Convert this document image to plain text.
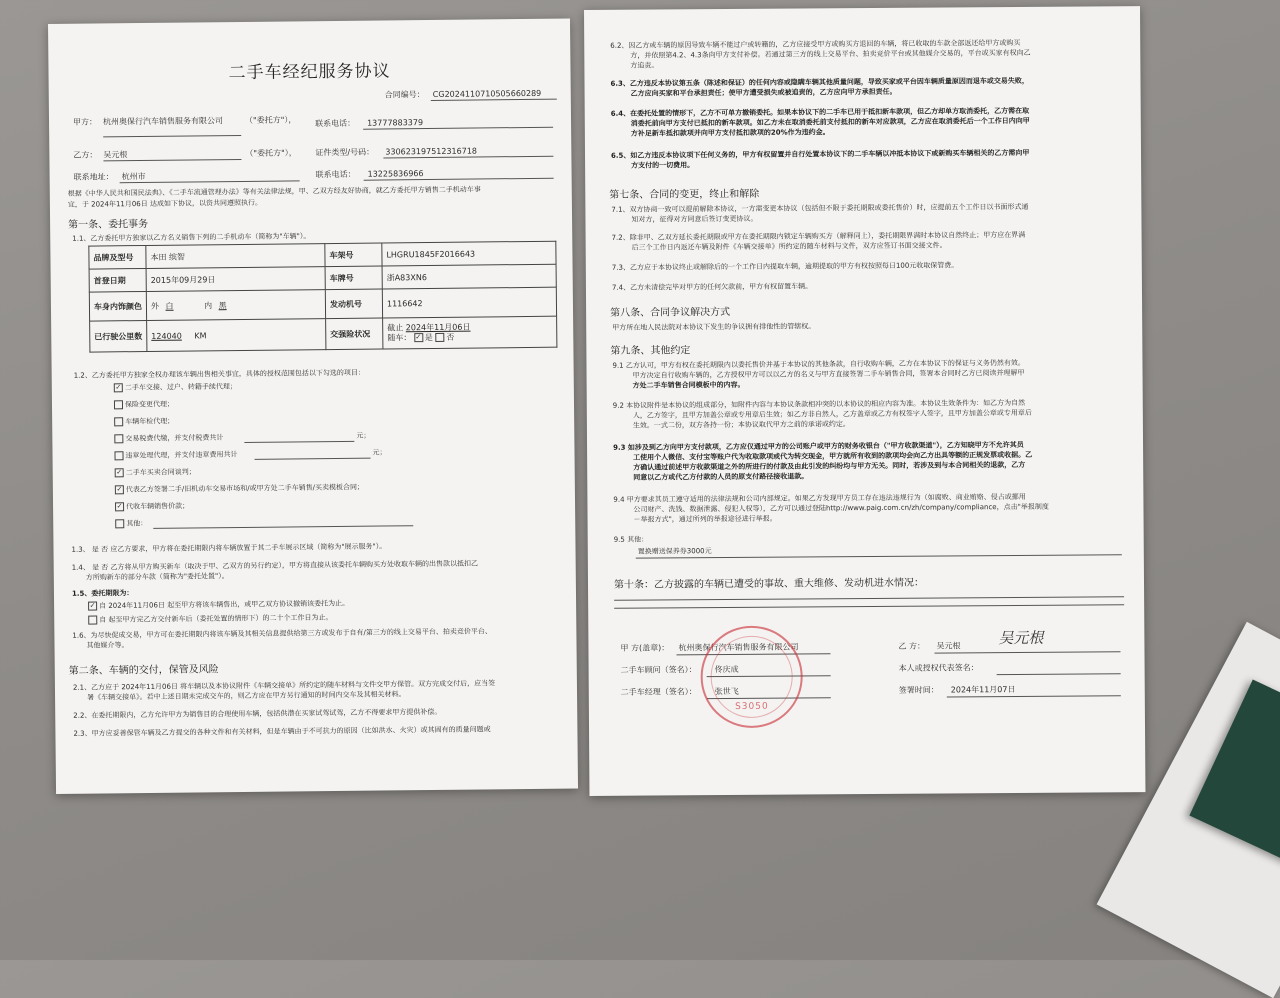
二手车经纪服务协议
合同编号： CG20241107105056602​89
甲方： 杭州奥保行汽车销售服务有限公司	（"委托方"）， 联系电话： 13777883379
乙方： 吴元根	（"委托方"）， 证件类型/号码： 330623197512316718
联系地址： 杭州市	联系电话： 13225836966
根据《中华人民共和国民法典》、《二手车流通管理办法》等有关法律法规，甲、乙双方经友好协商，就乙方委托甲方销售二手机动车事
宜，于 2024年11月06日 达成如下协议，以资共同遵照执行。
第一条、委托事务
1.1、乙方委托甲方独家以乙方名义销售下列的二手机动车（简称为"车辆"）。
品牌及型号	本田 缤智	车架号	LHGRU1845F2016643
首登日期	2015年09月29日	车牌号	浙A83XN6
车身内饰颜色	外 白 内 黑	发动机号	1116642
已行驶公里数	124040 KM	交强险状况	截止 2024年11月06日
随车： ✓ 是 否
1.2、乙方委托甲方独家全权办理该车辆出售相关事宜，具体的授权范围包括以下勾选的项目：
✓ 二手车交接、过户、转籍手续代理；
保险变更代理；
车辆年检代理；
交易税费代缴，并支付税费共计	元；
违章处理代理，并支付违章费用共计	元；
✓ 二手车买卖合同谈判；
✓ 代表乙方签署二手/旧机动车交易市场和/或甲方处二手车销售/买卖模板合同；
✓ 代收车辆销售价款；
其他：
1.3、 是 否 应乙方要求，甲方将在委托期限内将车辆放置于其二手车展示区域（简称为"展示服务"）。
1.4、 是 否 乙方将从甲方购买新车（取决于甲、乙双方的另行约定），甲方将直接从该委托车辆购买方处收取车辆的出售款以抵扣乙
方所购新车的部分车款（简称为"委托处置"）。
1.5、委托期限为：
✓ 自 2024年11月06日 起至甲方将该车辆售出，或甲乙双方协议撤销该委托为止。
自 起至甲方完乙方交付新车后（委托处置的情形下）的二十个工作日为止。
1.6、为尽快促成交易，甲方可在委托期限内将该车辆及其相关信息提供给第三方或发布于自有/第三方的线上交易平台、拍卖竞价平台、
其他媒介等。
第二条、车辆的交付，保管及风险
2.1、乙方应于 2024年11月06日 将车辆以及本协议附件《车辆交接单》所约定的随车材料与文件交甲方保管。双方完成交付后，应当签
署《车辆交接单》。若中上述日期未完成交车的，则乙方应在甲方另行通知的时间内交车及其相关材料。
2.2、在委托期限内，乙方允许甲方为销售目的合理使用车辆，包括供潜在买家试驾试驾，乙方不得要求甲方提供补偿。
2.3、甲方应妥善保管车辆及乙方提交的各种文件和有关材料，但是车辆由于不可抗力的原因（比如洪水、火灾）或其固有的质量问题或
6.2、因乙方或车辆的原因导致车辆不能过户或转籍的，乙方应接受甲方或购买方退回的车辆，将已收取的车款全部返还给甲方或购买
方，并依照第4.2、4.3条向甲方支付补偿。若通过第三方的线上交易平台、拍卖竞价平台或其他媒介交易的，平台或买家有权向乙
方追责。
6.3、乙方违反本协议第五条（陈述和保证）的任何内容或隐瞒车辆其他质量问题，导致买家或平台因车辆质量原因而退车或交易失败，
乙方应向买家和平台承担责任；使甲方遭受损失或被追责的，乙方应向甲方承担责任。
6.4、在委托处置的情形下，乙方不可单方撤销委托。如果本协议下的二手车已用于抵扣新车款项，但乙方却单方取消委托，乙方需在取
消委托前向甲方支付已抵扣的新车款项。如乙方未在取消委托前支付抵扣的新车对应款项，乙方应在取消委托后一个工作日内向甲
方补足新车抵扣款项并向甲方支付抵扣款项的20%作为违约金。
6.5、如乙方违反本协议项下任何义务的，甲方有权留置并自行处置本协议下的二手车辆以冲抵本协议下或新购买车辆相关的乙方需向甲
方支付的一切费用。
第七条、合同的变更，终止和解除
7.1、双方协商一致可以提前解除本协议，一方需变更本协议（包括但不限于委托期限或委托售价）时，应提前五个工作日以书面形式通
知对方，征得对方同意后签订变更协议。
7.2、除非甲、乙双方延长委托期限或甲方在委托期限内锁定车辆购买方（解释同上），委托期限界满时本协议自然终止；甲方应在界满
后三个工作日内返还车辆及附件《车辆交接单》所约定的随车材料与文件，双方应签订书面交接文件。
7.3、乙方应于本协议终止或解除后的一个工作日内提取车辆，逾期提取的甲方有权按照每日100元收取保管费。
7.4、乙方未清偿完毕对甲方的任何欠款前，甲方有权留置车辆。
第八条、合同争议解决方式
甲方所在地人民法院对本协议下发生的争议拥有排他性的管辖权。
第九条、其他约定
9.1 乙方认可，甲方有权在委托期限内以委托售价并基于本协议的其他条款，自行收购车辆，乙方在本协议下的保证与义务仍然有效。
甲方决定自行收购车辆的，乙方授权甲方可以以乙方的名义与甲方直接签署二手车销售合同，签署本合同时乙方已阅读并理解甲
方处二手车销售合同模板中的内容。
9.2 本协议附件是本协议的组成部分，如附件内容与本协议条款相冲突的以本协议的相应内容为准。本协议生效条件为：如乙方为自然
人，乙方签字，且甲方加盖公章或专用章后生效；如乙方非自然人，乙方盖章或乙方有权签字人签字，且甲方加盖公章或专用章后
生效。一式二份，双方各持一份；本协议取代甲方之前的承诺或约定。
9.3 如涉及到乙方向甲方支付款项，乙方应仅通过甲方的公司账户或甲方的财务收银台（"甲方收款渠道"），乙方知晓甲方不允许其员
工使用个人微信、支付宝等账户代为收取款项或代为转交现金，甲方就所有收到的款项均会向乙方出具等额的正规发票或收据。乙
方确认通过前述甲方收款渠道之外的所进行的付款及由此引发的纠纷均与甲方无关。同时，若涉及到与本合同相关的退款，乙方
同意以乙方或代乙方付款的人员的原支付路径接收退款。
9.4 甲方要求其员工遵守适用的法律法规和公司内部规定。如果乙方发现甲方员工存在违法违规行为（如腐败、商业贿赂、侵占或挪用
公司财产、洗钱、数据泄露、侵犯人权等），乙方可以通过登陆http://www.paig.com.cn/zh/company/compliance，点击"举报制度
－举报方式"，通过所列的举报途径进行举报。
9.5 其他：
置换赠送保养券3000元
第十条：乙方披露的车辆已遭受的事故、重大维修、发动机进水情况：
甲 方(盖章)： 杭州奥保行汽车销售服务有限公司	乙 方： 吴元根	吴元根
二手车顾问（签名）： 佟庆成	本人或授权代表签名：
二手车经理（签名）： 张世飞	签署时间： 2024年11月07日
S3050
